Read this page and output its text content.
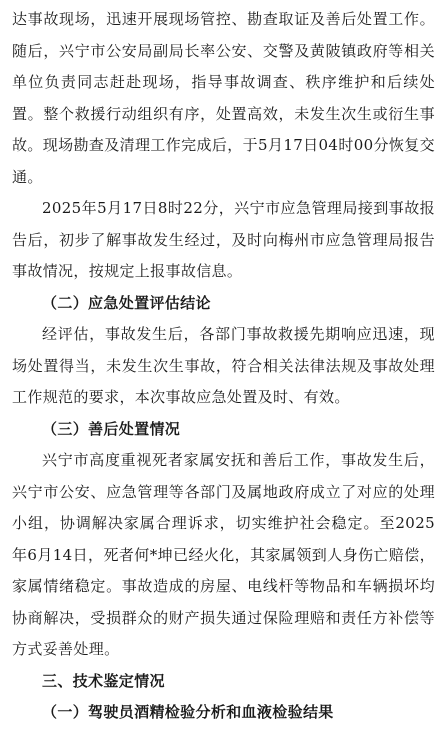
达事故现场，迅速开展现场管控、勘查取证及善后处置工作。随后，兴宁市公安局副局长率公安、交警及黄陂镇政府等相关单位负责同志赶赴现场，指导事故调查、秩序维护和后续处置。整个救援行动组织有序，处置高效，未发生次生或衍生事故。现场勘查及清理工作完成后，于5月17日04时00分恢复交通。

2025年5月17日8时22分，兴宁市应急管理局接到事故报告后，初步了解事故发生经过，及时向梅州市应急管理局报告事故情况，按规定上报事故信息。

（二）应急处置评估结论

经评估，事故发生后，各部门事故救援先期响应迅速，现场处置得当，未发生次生事故，符合相关法律法规及事故处理工作规范的要求，本次事故应急处置及时、有效。

（三）善后处置情况

兴宁市高度重视死者家属安抚和善后工作，事故发生后，兴宁市公安、应急管理等各部门及属地政府成立了对应的处理小组，协调解决家属合理诉求，切实维护社会稳定。至2025年6月14日，死者何*坤已经火化，其家属领到人身伤亡赔偿，家属情绪稳定。事故造成的房屋、电线杆等物品和车辆损坏均协商解决，受损群众的财产损失通过保险理赔和责任方补偿等方式妥善处理。

三、技术鉴定情况

（一）驾驶员酒精检验分析和血液检验结果
